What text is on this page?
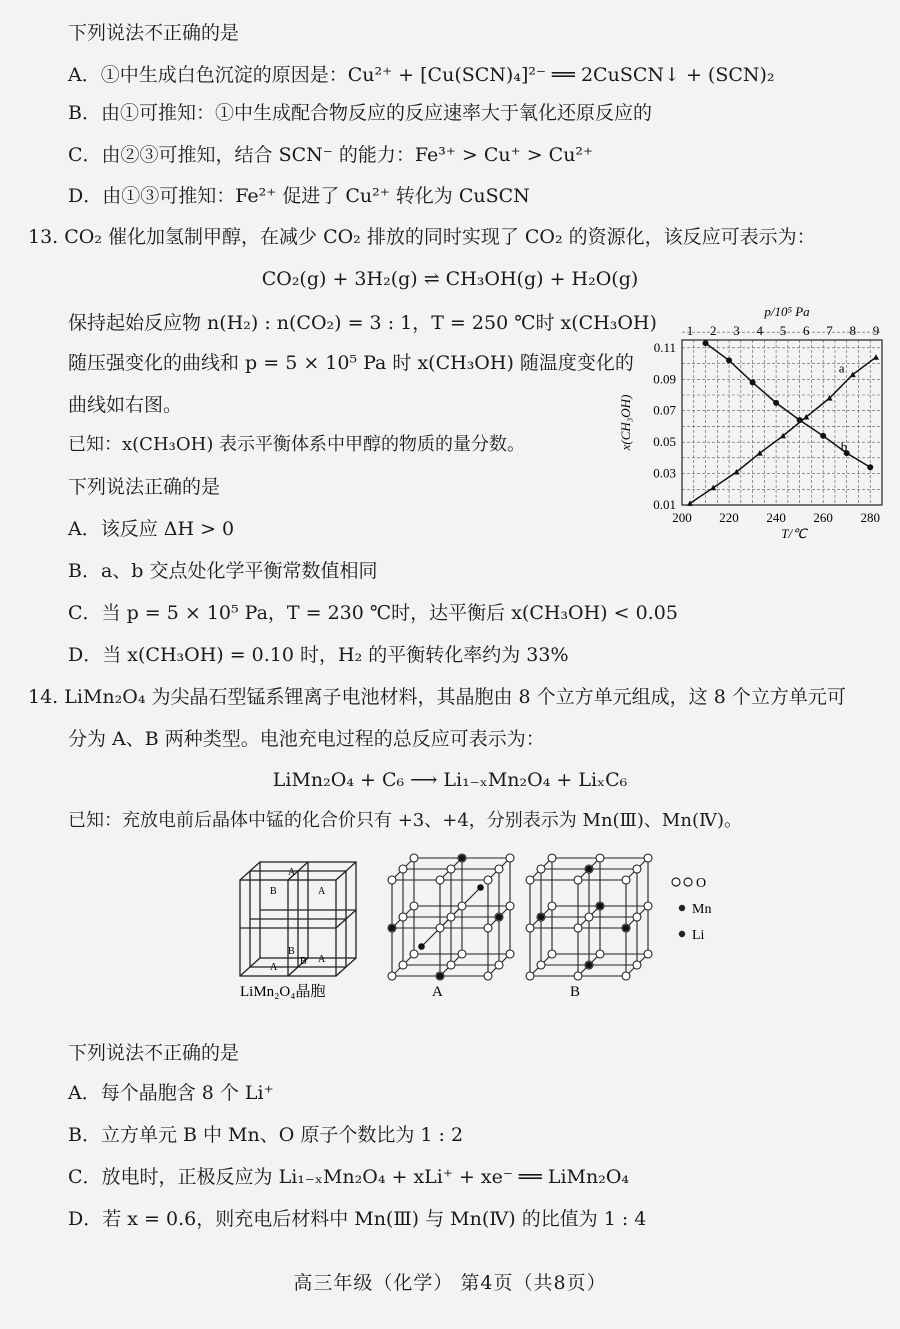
下列说法不正确的是
A．①中生成白色沉淀的原因是：Cu²⁺ + [Cu(SCN)₄]²⁻ ══ 2CuSCN↓ + (SCN)₂
B．由①可推知：①中生成配合物反应的反应速率大于氧化还原反应的
C．由②③可推知，结合 SCN⁻ 的能力：Fe³⁺ > Cu⁺ > Cu²⁺
D．由①③可推知：Fe²⁺ 促进了 Cu²⁺ 转化为 CuSCN
13. CO₂ 催化加氢制甲醇，在减少 CO₂ 排放的同时实现了 CO₂ 的资源化，该反应可表示为：
CO₂(g) + 3H₂(g) ⇌ CH₃OH(g) + H₂O(g)
保持起始反应物 n(H₂) : n(CO₂) = 3 : 1，T = 250 ℃时 x(CH₃OH)
随压强变化的曲线和 p = 5 × 10⁵ Pa 时 x(CH₃OH) 随温度变化的
曲线如右图。
已知：x(CH₃OH) 表示平衡体系中甲醇的物质的量分数。
下列说法正确的是
A．该反应 ΔH > 0
B．a、b 交点处化学平衡常数值相同
C．当 p = 5 × 10⁵ Pa，T = 230 ℃时，达平衡后 x(CH₃OH) < 0.05
D．当 x(CH₃OH) = 0.10 时，H₂ 的平衡转化率约为 33%
1 2 3 4 5 6 7 8 9
p/10⁵ Pa
200 220 240 260 280
T/℃
0.11
0.09
0.07
0.05
0.03
0.01
x(CH₃OH)
a
b
14. LiMn₂O₄ 为尖晶石型锰系锂离子电池材料，其晶胞由 8 个立方单元组成，这 8 个立方单元可
分为 A、B 两种类型。电池充电过程的总反应可表示为：
LiMn₂O₄ + C₆ ⟶ Li₁₋ₓMn₂O₄ + LiₓC₆
已知：充放电前后晶体中锰的化合价只有 +3、+4，分别表示为 Mn(Ⅲ)、Mn(Ⅳ)。
A
B	A
B
A
B A
O
Mn
Li
LiMn₂O₄晶胞	A	B
下列说法不正确的是
A．每个晶胞含 8 个 Li⁺
B．立方单元 B 中 Mn、O 原子个数比为 1 : 2
C．放电时，正极反应为 Li₁₋ₓMn₂O₄ + xLi⁺ + xe⁻ ══ LiMn₂O₄
D．若 x = 0.6，则充电后材料中 Mn(Ⅲ) 与 Mn(Ⅳ) 的比值为 1 : 4
高三年级（化学） 第4页（共8页）
